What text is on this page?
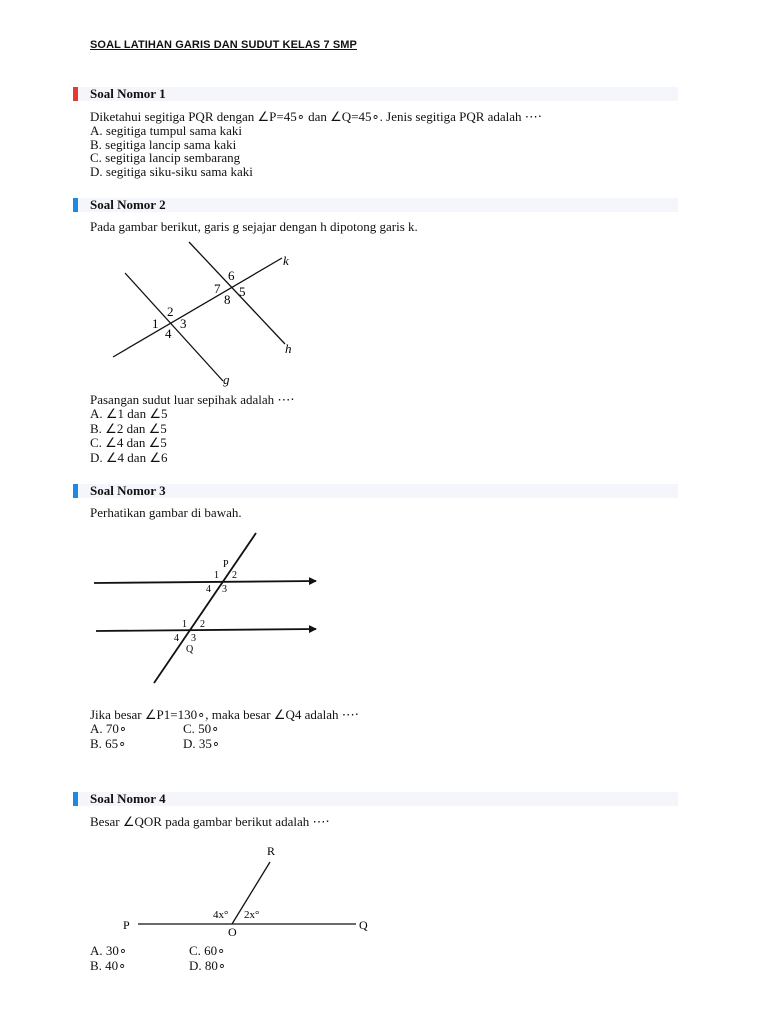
SOAL LATIHAN GARIS DAN SUDUT KELAS 7 SMP
Soal Nomor 1
Diketahui segitiga PQR dengan ∠P=45∘ dan ∠Q=45∘. Jenis segitiga PQR adalah ⋯⋅
A. segitiga tumpul sama kaki
B. segitiga lancip sama kaki
C. segitiga lancip sembarang
D. segitiga siku-siku sama kaki
Soal Nomor 2
Pada gambar berikut, garis g sejajar dengan h dipotong garis k.
k
h
g
1
2
3
4
5
6
7
8
Pasangan sudut luar sepihak adalah ⋯⋅
A. ∠1 dan ∠5
B. ∠2 dan ∠5
C. ∠4 dan ∠5
D. ∠4 dan ∠6
Soal Nomor 3
Perhatikan gambar di bawah.
P
1 2
4 3
1 2
4 3
Q
Jika besar ∠P1=130∘, maka besar ∠Q4 adalah ⋯⋅
A. 70∘	C. 50∘
B. 65∘	D. 35∘
Soal Nomor 4
Besar ∠QOR pada gambar berikut adalah ⋯⋅
R
P	Q
O
4x° 2x°
A. 30∘	C. 60∘
B. 40∘	D. 80∘
